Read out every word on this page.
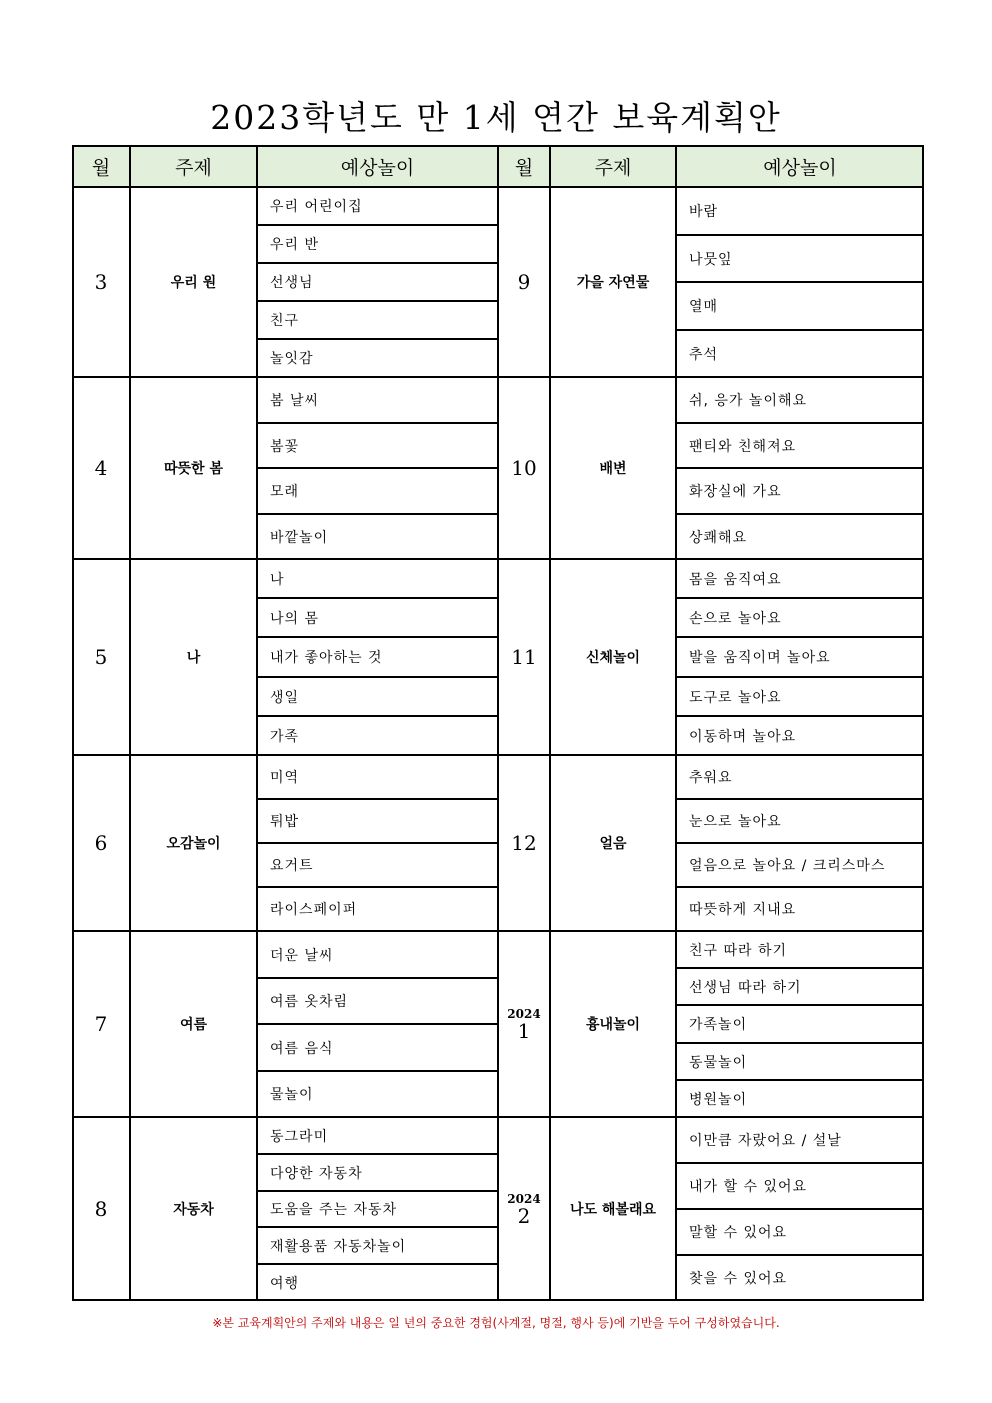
2023학년도 만 1세 연간 보육계획안
월
3
4
5
6
7
8
주제
우리 원
따뜻한 봄
나
오감놀이
여름
자동차
예상놀이
우리 어린이집
우리 반
선생님
친구
놀잇감
봄 날씨
봄꽃
모래
바깥놀이
나
나의 몸
내가 좋아하는 것
생일
가족
미역
튀밥
요거트
라이스페이퍼
더운 날씨
여름 옷차림
여름 음식
물놀이
동그라미
다양한 자동차
도움을 주는 자동차
재활용품 자동차놀이
여행
월
9
10
11
12
2024
1
2024
2
주제
가을 자연물
배변
신체놀이
얼음
흉내놀이
나도 해볼래요
예상놀이
바람
나뭇잎
열매
추석
쉬, 응가 놀이해요
팬티와 친해져요
화장실에 가요
상쾌해요
몸을 움직여요
손으로 놀아요
발을 움직이며 놀아요
도구로 놀아요
이동하며 놀아요
추워요
눈으로 놀아요
얼음으로 놀아요 / 크리스마스
따뜻하게 지내요
친구 따라 하기
선생님 따라 하기
가족놀이
동물놀이
병원놀이
이만큼 자랐어요 / 설날
내가 할 수 있어요
말할 수 있어요
찾을 수 있어요
※본 교육계획안의 주제와 내용은 일 년의 중요한 경험(사계절, 명절, 행사 등)에 기반을 두어 구성하였습니다.
